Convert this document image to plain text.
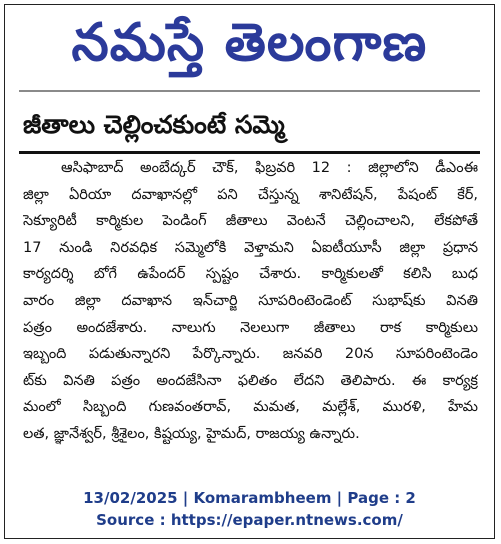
నమస్తే తెలంగాణ
జీతాలు చెల్లించకుంటే సమ్మె
ఆసిఫాబాద్ అంబేద్కర్ చౌక్, ఫిబ్రవరి 12 : జిల్లాలోని డీఎంఈ
జిల్లా ఏరియా దవాఖానల్లో పని చేస్తున్న శానిటేషన్, పేషంట్ కేర్,
సెక్యూరిటీ కార్మికుల పెండింగ్ జీతాలు వెంటనే చెల్లించాలని, లేకపోతే
17 నుండి నిరవధిక సమ్మెలోకి వెళ్తామని ఏఐటీయూసీ జిల్లా ప్రధాన
కార్యదర్శి బోగే ఉపేందర్ స్పష్టం చేశారు. కార్మికులతో కలిసి బుధ
వారం జిల్లా దవాఖాన ఇన్‌చార్జి సూపరింటెండెంట్ సుభాష్‌కు వినతి
పత్రం అందజేశారు. నాలుగు నెలలుగా జీతాలు రాక కార్మికులు
ఇబ్బంది పడుతున్నారని పేర్కొన్నారు. జనవరి 20న సూపరింటెండెం
ట్‌కు వినతి పత్రం అందజేసినా ఫలితం లేదని తెలిపారు. ఈ కార్యక్ర
మంలో సిబ్బంది గుణవంతరావ్, మమత, మల్లేశ్, మురళి, హేమ
లత, జ్ఞానేశ్వర్, శ్రీశైలం, కిష్టయ్య, హైమద్, రాజయ్య ఉన్నారు.
13/02/2025 | Komarambheem | Page : 2
Source : https://epaper.ntnews.com/
